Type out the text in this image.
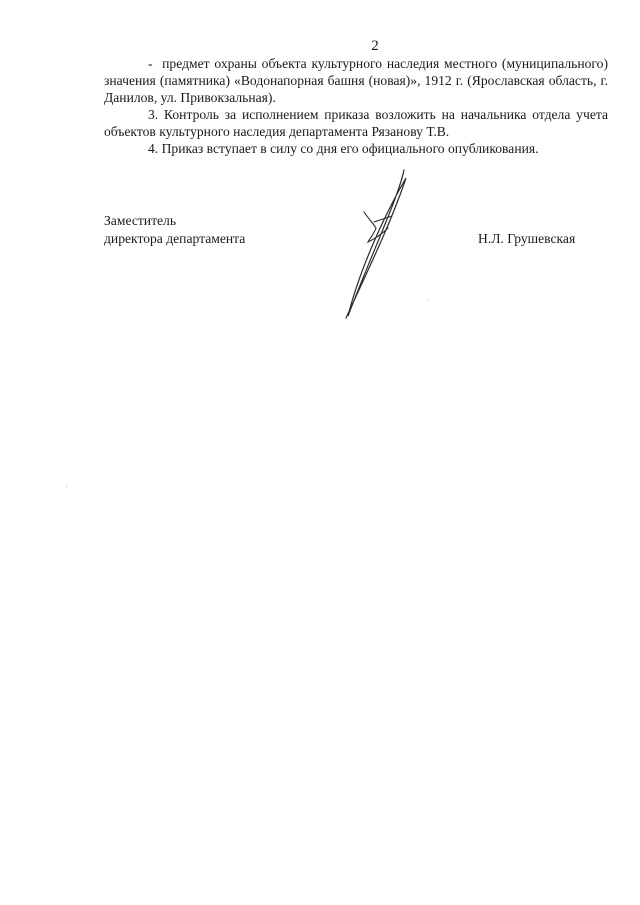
2

-  предмет охраны объекта культурного наследия местного (муниципального) значения (памятника) «Водонапорная башня (новая)», 1912 г. (Ярославская область, г. Данилов, ул. Привокзальная).

3. Контроль за исполнением приказа возложить на начальника отдела учета объектов культурного наследия департамента Рязанову Т.В.

4. Приказ вступает в силу со дня его официального опубликования.

Заместитель
директора департамента	Н.Л. Грушевская
